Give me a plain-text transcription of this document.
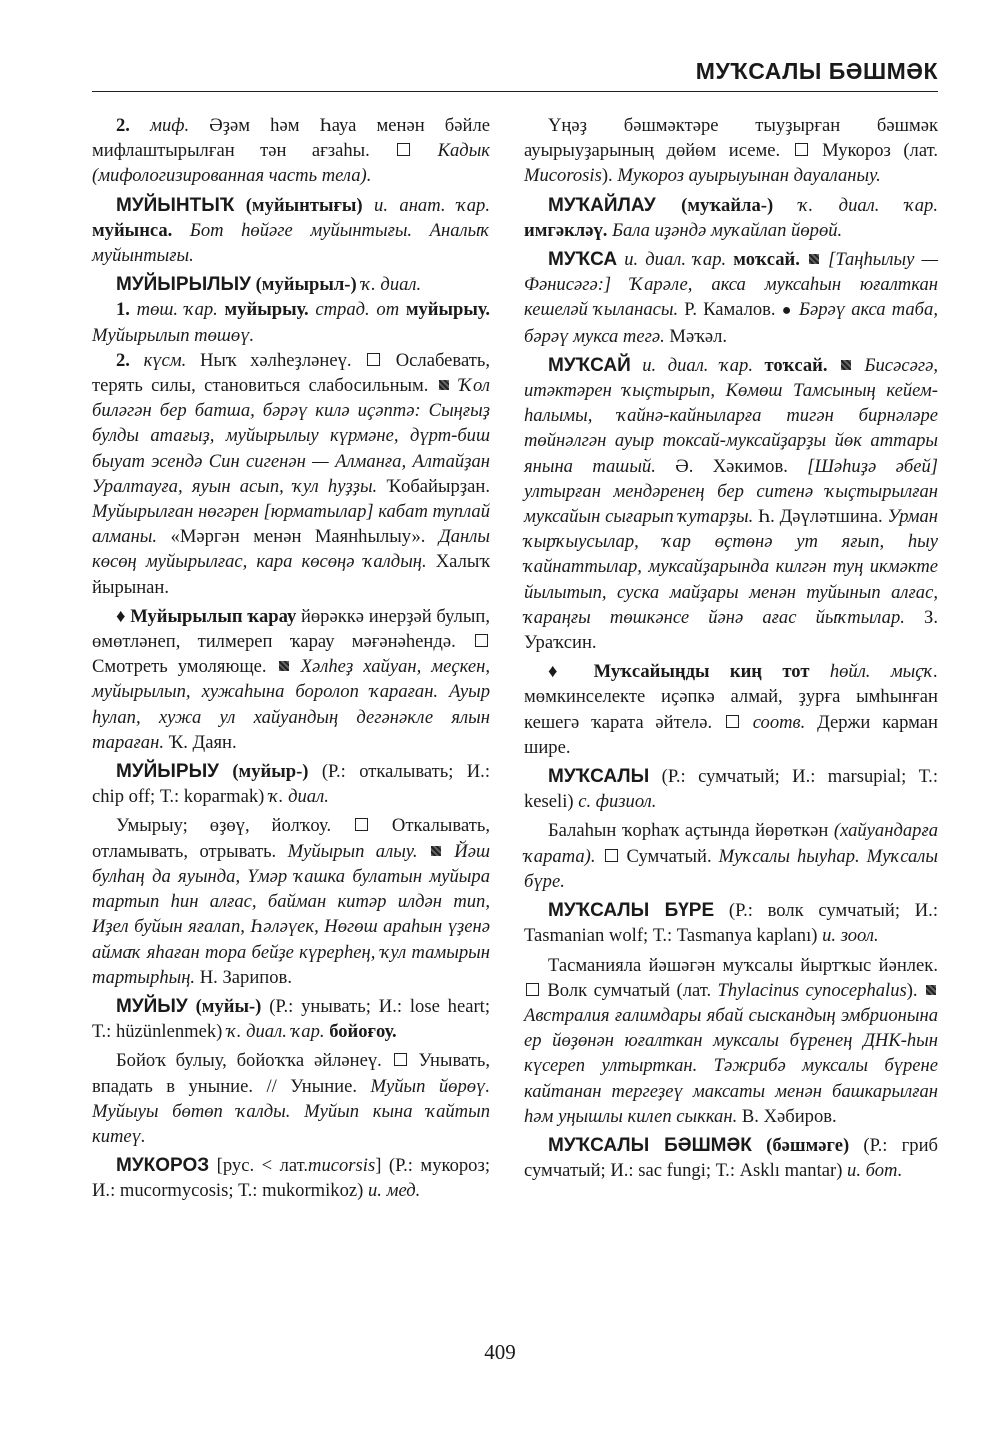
МУҠСАЛЫ БӘШМӘК

2. миф. Әҙәм һәм Һауа менән бәйле мифлаштырылған тән ағзаһы.	Кадык (мифологизированная часть тела).

МУЙЫНТЫҠ (муйынтығы) и. анат. ҡар. муйынса. Бот һөйәге муйынтығы. Аналыҡ муйынтығы.

МУЙЫРЫЛЫУ (муйырыл-) ҡ. диал.

1. төш. ҡар. муйырыу. страд. от муйырыу. Муйырылып төшөү.

2. күсм. Ныҡ хәлһеҙләнеү. Ослабевать, терять силы, становиться слабосильным. Ҡол биләгән бер батша, бәрәү килә иҫәптә: Сыңғыҙ булды атағыҙ, муйырылыу күрмәне, дүрт-биш быуат эсендә Син сигенән — Алманға, Алтайҙан Уралтауға, яуын асып, ҡул һуҙҙы. Ҡобайырҙан. Муйырылған нөгәрен [юрматылар] кабат туплай алманы. «Мәргән менән Маянһылыу». Данлы көсөң муйырылғас, кара көсөңә ҡалдың. Халыҡ йырынан.

♦ Муйырылып ҡарау йөрәккә инерҙәй булып, өмөтләнеп, тилмереп ҡарау мәғәнәһендә.  Смотреть умоляюще. Хәлһеҙ хайуан, меҫкен, муйырылып, хужаһына боролоп ҡараған. Ауыр һулап, хужа ул хайуандың дегәнәкле ялын тараған. Ҡ. Даян.

МУЙЫРЫУ (муйыр-) (Р.: откалывать; И.: chip off; Т.: koparmak) ҡ. диал.

Умырыу; өҙөү, йолҡоу.	Откалывать, отламывать, отрывать. Муйырып алыу. Йәш булһаң да яуында, Үмәр ҡашка булатын муйыра тартып һин алғас, байман китәр илдән тип, Иҙел буйын яғалап, Һәләүек, Нөгөш араһын үҙенә аймаҡ яһаған тора бейҙе күрерһең, ҡул тамырын тартырһың. Н. Зарипов.

МУЙЫУ (муйы-) (Р.: унывать; И.: lose heart; Т.: hüzünlenmek) ҡ. диал. ҡар. бойоғоу.

Бойоҡ булыу, бойоҡҡа әйләнеү. Унывать, впадать в уныние. // Уныние. Муйып йөрөү. Муйыуы бөтөп ҡалды. Муйып кына ҡайтып китеү.

МУКОРОЗ [рус. < лат.mucorsis] (Р.: мукороз; И.: mucormycosis; Т.: mukormikoz) и. мед.

Үңәҙ бәшмәктәре тыуҙырған бәшмәк ауырыуҙарының дөйөм исеме. Мукороз (лат. Mucorosis). Мукороз ауырыуынан дауаланыу.

МУҠАЙЛАУ (муҡайла-) ҡ. диал. ҡар. имгәкләү. Бала иҙәндә муҡайлап йөрөй.

МУҠСА и. диал. ҡар. моҡсай. [Таңһылыу — Фәнисәгә:] Ҡарәле, акса муксаһын юғалткан кешеләй ҡыланасы. Р. Камалов. ● Бәрәү акса таба, бәрәү мукса тегә. Мәҡәл.

МУҠСАЙ и. диал. ҡар. тоҡсай. Бисәсәгә, итәктәрен ҡыҫтырып, Көмөш Тамсының кейем-һалымы, ҡайнә-кайныларға тигән бирнәләре төйнәлгән ауыр токсай-муксайҙарҙы йөк аттары янына ташый. Ә. Хәкимов. [Шәһиҙә әбей] ултырған мендәренең бер ситенә ҡыҫтырылған муксайын сығарып ҡутарҙы. Һ. Дәүләтшина. Урман ҡырҡыусылар, ҡар өҫтөнә ут яғып, һыу ҡайнаттылар, муксайҙарында килгән туң икмәкте йылытып, суска майҙары менән туйынып алғас, ҡараңғы төшкәнсе йәнә ағас йыҡтылар. З. Ураҡсин.

♦ Муҡсайыңды киң тот һөйл. мыҫҡ. мөмкинселекте иҫәпкә алмай, ҙурға ымһынған кешегә ҡарата әйтелә. соотв. Держи карман шире.

МУҠСАЛЫ (Р.: сумчатый; И.: marsupial; Т.: keseli) с. физиол.

Балаһын ҡорһаҡ аҫтында йөрөткән (хайуандарға ҡарата). Сумчатый. Муҡсалы һыуһар. Муҡсалы бүре.

МУҠСАЛЫ БҮРЕ (Р.: волк сумчатый; И.: Tasmanian wolf; Т.: Tasmanya kaplanı) и. зоол.

Тасманияла йәшәгән муҡсалы йыртҡыс йәнлек.  Волк сумчатый (лат. Thylacinus cynocephalus).  Австралия ғалимдары ябай сыскандың эмбрионына ер йөҙөнән юғалткан муксалы бүренең ДНК-һын күсереп ултырткан. Тәжрибә муксалы бүрене кайтанан тергеҙеү максаты менән башкарылған һәм уңышлы килеп сыккан. В. Хәбиров.

МУҠСАЛЫ БӘШМӘК (бәшмәге) (Р.: гриб сумчатый; И.: sac fungi; Т.: Asklı mantar) и. бот.

409
